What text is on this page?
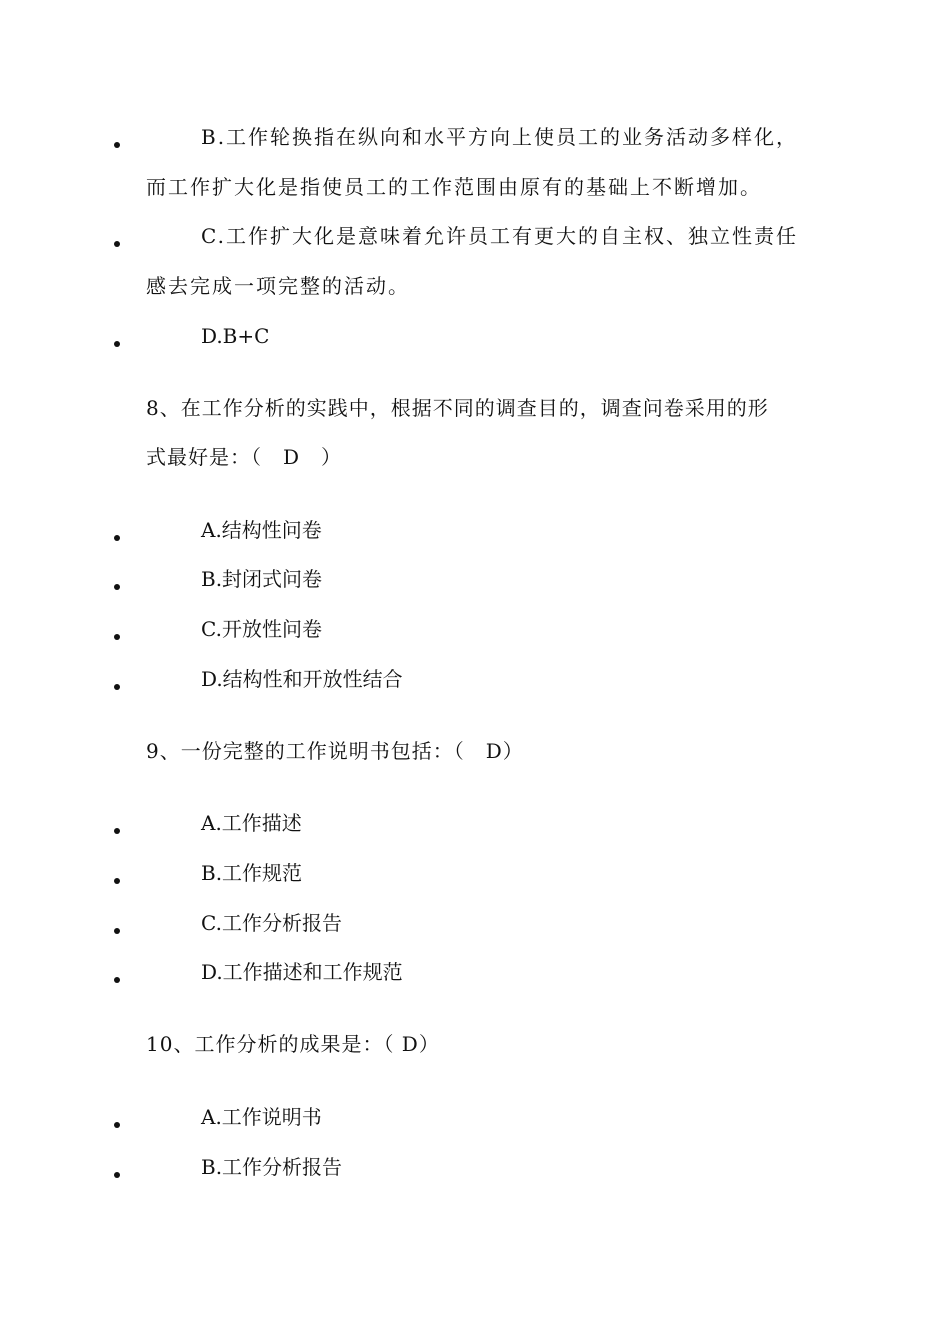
B.工作轮换指在纵向和水平方向上使员工的业务活动多样化，
而工作扩大化是指使员工的工作范围由原有的基础上不断增加。
C.工作扩大化是意味着允许员工有更大的自主权、独立性责任
感去完成一项完整的活动。
D.B+C
8、在工作分析的实践中，根据不同的调查目的，调查问卷采用的形
式最好是：（　D　）
A.结构性问卷
B.封闭式问卷
C.开放性问卷
D.结构性和开放性结合
9、一份完整的工作说明书包括：（　D）
A.工作描述
B.工作规范
C.工作分析报告
D.工作描述和工作规范
10、工作分析的成果是：（ D）
A.工作说明书
B.工作分析报告
